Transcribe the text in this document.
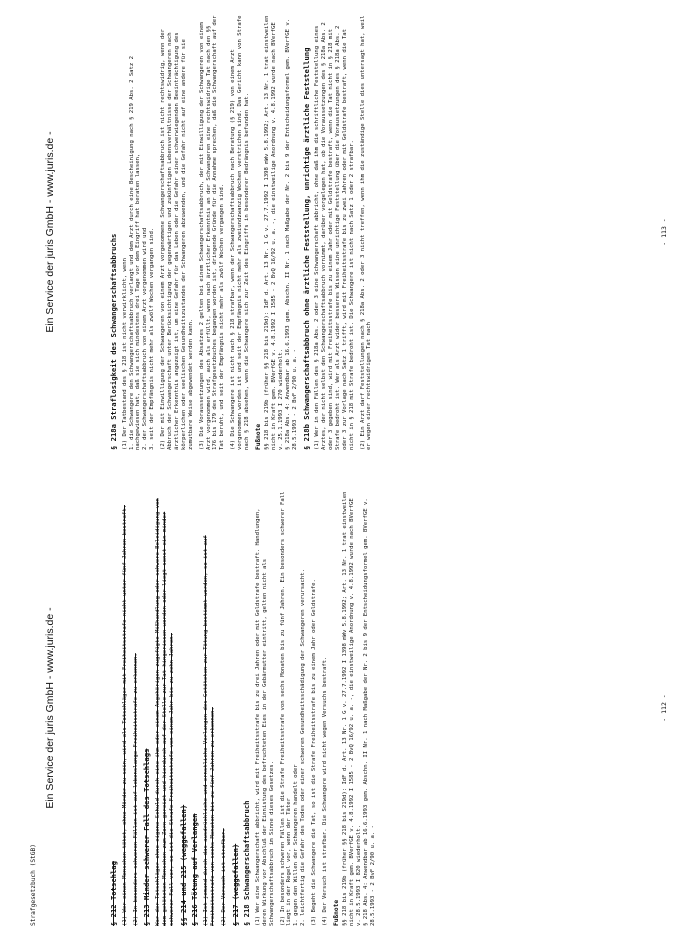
Strafgesetzbuch (StGB)
Ein Service der juris GmbH - www.juris.de -
§ 212 Totschlag (1) Wer einen Menschen tötet, ohne Mörder zu sein, wird als Totschläger mit Freiheitsstrafe nicht unter fünf Jahren bestraft. (2) In besonders schweren Fällen ist auf lebenslange Freiheitsstrafe zu erkennen. § 213 Minder schwerer Fall des Totschlags War der Totschläger ohne eigene Schuld durch eine ihm oder einem Angehörigen zugefügte Mißhandlung oder schwere Beleidigung von dem getöteten Menschen zum Zorn gereizt und hierdurch auf der Stelle zur Tat hingerissen worden oder liegt sonst ein minder schwerer Fall vor, so ist die Strafe Freiheitsstrafe von einem Jahr bis zu zehn Jahren. §§ 214 und 215 (weggefallen) § 216 Tötung auf Verlangen (1) Ist jemand durch das ausdrückliche und ernstliche Verlangen des Getöteten zur Tötung bestimmt worden, so ist auf Freiheitsstrafe von sechs Monaten bis zu fünf Jahren zu erkennen. (2) Der Versuch ist strafbar. § 217 (weggefallen) § 218 Schwangerschaftsabbruch (1) Wer eine Schwangerschaft abbricht, wird mit Freiheitsstrafe bis zu drei Jahren oder mit Geldstrafe bestraft. Handlungen, deren Wirkung vor Abschluß der Einnistung des befruchteten Eies in der Gebärmutter eintritt, gelten nicht als Schwangerschaftsabbruch im Sinne dieses Gesetzes. (2) In besonders schweren Fällen ist die Strafe Freiheitsstrafe von sechs Monaten bis zu fünf Jahren. Ein besonders schwerer Fall liegt in der Regel vor, wenn der Täter
1. gegen den Willen der Schwangeren handelt oder
2. leichtfertig die Gefahr des Todes oder einer schweren Gesundheitsschädigung der Schwangeren verursacht. (3) Begeht die Schwangere die Tat, so ist die Strafe Freiheitsstrafe bis zu einem Jahr oder Geldstrafe. (4) Der Versuch ist strafbar. Die Schwangere wird nicht wegen Versuchs bestraft. Fußnote §§ 218 bis 219b (früher §§ 218 bis 219d): IdF d. Art. 13 Nr. 1 G v. 27.7.1992 I 1398 mWv 5.8.1992; Art. 13 Nr. 1 trat einstweilen nicht in Kraft gem. BVerfGE v. 4.8.1992 I 1585 - 2 BvQ 16/92 u. a. -, die einstweilige Anordnung v. 4.8.1992 wurde nach BVerfGE v. 28.5.1993 I 820 wiederholt.
§ 218 Abs. 4: Anwendbar ab 16.6.1993 gem. Abschn. II Nr. 1 nach Maßgabe der Nr. 2 bis 9 der Entscheidungsformel gem. BVerfGE v. 28.5.1993 - 2 BvF 2/90 u. a. -

- 112 -
Ein Service der juris GmbH - www.juris.de -
§ 218a Straflosigkeit des Schwangerschaftsabbruchs (1) Der Tatbestand des § 218 ist nicht verwirklicht, wenn
1. die Schwangere den Schwangerschaftsabbruch verlangt und dem Arzt durch eine Bescheinigung nach § 219 Abs. 2 Satz 2 nachgewiesen hat, daß sie sich mindestens drei Tage vor dem Eingriff hat beraten lassen,
2. der Schwangerschaftsabbruch von einem Arzt vorgenommen wird und
3. seit der Empfängnis nicht mehr als zwölf Wochen vergangen sind. (2) Der mit Einwilligung der Schwangeren von einem Arzt vorgenommene Schwangerschaftsabbruch ist nicht rechtswidrig, wenn der Abbruch der Schwangerschaft unter Berücksichtigung der gegenwärtigen und zukünftigen Lebensverhältnisse der Schwangeren nach ärztlicher Erkenntnis angezeigt ist, um eine Gefahr für das Leben oder die Gefahr einer schwerwiegenden Beeinträchtigung des körperlichen oder seelischen Gesundheitszustandes der Schwangeren abzuwenden, und die Gefahr nicht auf eine andere für sie zumutbare Weise abgewendet werden kann. (3) Die Voraussetzungen des Absatzes 2 gelten bei einem Schwangerschaftsabbruch, der mit Einwilligung der Schwangeren von einem Arzt vorgenommen wird, auch als erfüllt, wenn nach ärztlicher Erkenntnis an der Schwangeren eine rechtswidrige Tat nach den §§ 176 bis 179 des Strafgesetzbuches begangen worden ist, dringende Gründe für die Annahme sprechen, daß die Schwangerschaft auf der Tat beruht, und seit der Empfängnis nicht mehr als zwölf Wochen vergangen sind. (4) Die Schwangere ist nicht nach § 218 strafbar, wenn der Schwangerschaftsabbruch nach Beratung (§ 219) von einem Arzt vorgenommen worden ist und seit der Empfängnis nicht mehr als zweiundzwanzig Wochen verstrichen sind. Das Gericht kann von Strafe nach § 218 absehen, wenn die Schwangere sich zur Zeit des Eingriffs in besonderer Bedrängnis befunden hat. Fußnote §§ 218 bis 219b (früher §§ 218 bis 219d): IdF d. Art. 13 Nr. 1 G v. 27.7.1992 I 1398 mWv 5.8.1992; Art. 13 Nr. 1 trat einstweilen nicht in Kraft gem. BVerfGE v. 4.8.1992 I 1585 - 2 BvQ 16/92 u. a. -, die einstweilige Anordnung v. 4.8.1992 wurde nach BVerfGE v. 25.1.1993 I 270 wiederholt.
§ 218a Abs. 4: Anwendbar ab 16.6.1993 gem. Abschn. II Nr. 1 nach Maßgabe der Nr. 2 bis 9 der Entscheidungsformel gem. BVerfGE v. 28.5.1993 - 2 BvF 2/90 u. a. - § 218b Schwangerschaftsabbruch ohne ärztliche Feststellung, unrichtige ärztliche Feststellung (1) Wer in den Fällen des § 218a Abs. 2 oder 3 eine Schwangerschaft abbricht, ohne daß ihm die schriftliche Feststellung eines Arztes, der nicht selbst den Schwangerschaftsabbruch vornimmt, darüber vorgelegen hat, ob die Voraussetzungen des § 218a Abs. 2 oder 3 gegeben sind, wird mit Freiheitsstrafe bis zu einem Jahr oder mit Geldstrafe bestraft, wenn die Tat nicht in § 218 mit Strafe bedroht ist. Wer als Arzt wider besseres Wissen eine unrichtige Feststellung über die Voraussetzungen des § 218a Abs. 2 oder 3 zur Vorlage nach Satz 1 trifft, wird mit Freiheitsstrafe bis zu zwei Jahren oder mit Geldstrafe bestraft, wenn die Tat nicht in § 218 mit Strafe bedroht ist. Die Schwangere ist nicht nach Satz 1 oder 2 strafbar. (2) Ein Arzt darf Feststellungen nach § 218a Abs. 2 oder 3 nicht treffen, wenn ihm die zuständige Stelle dies untersagt hat, weil er wegen einer rechtswidrigen Tat nach

- 113 -
